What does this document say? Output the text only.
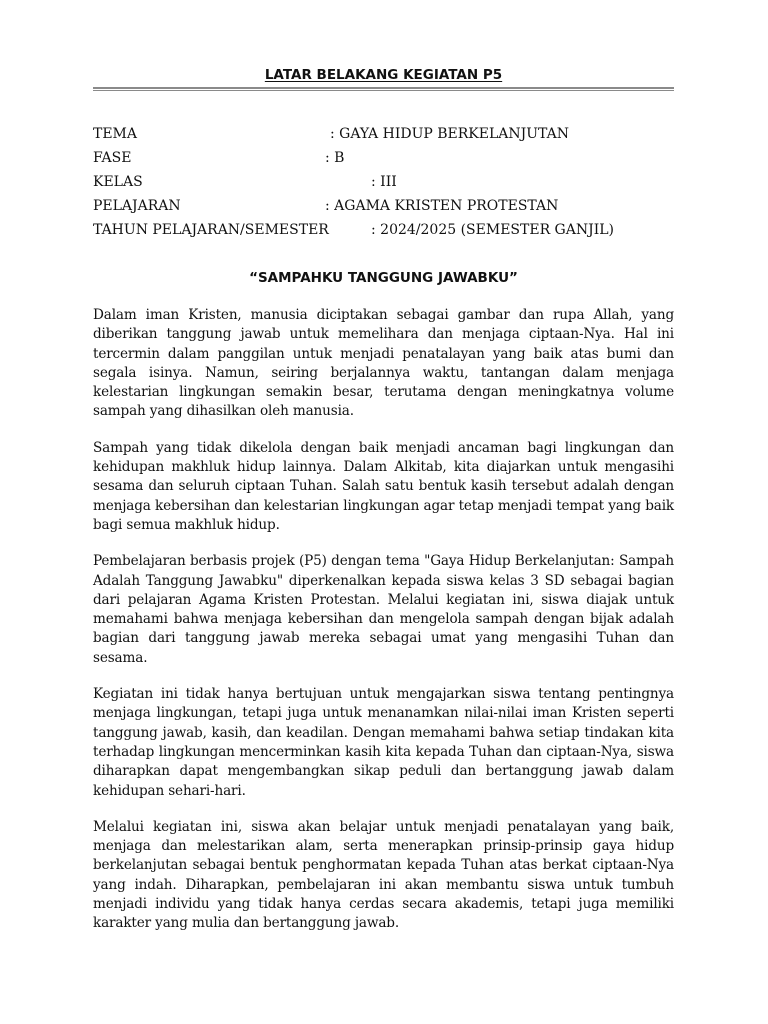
LATAR BELAKANG KEGIATAN P5
TEMA	: GAYA HIDUP BERKELANJUTAN
FASE	: B
KELAS	: III
PELAJARAN	: AGAMA KRISTEN PROTESTAN
TAHUN PELAJARAN/SEMESTER	: 2024/2025 (SEMESTER GANJIL)
“SAMPAHKU TANGGUNG JAWABKU”

Dalam iman Kristen, manusia diciptakan sebagai gambar dan rupa Allah, yang diberikan tanggung jawab untuk memelihara dan menjaga ciptaan-Nya. Hal ini tercermin dalam panggilan untuk menjadi penatalayan yang baik atas bumi dan segala isinya. Namun, seiring berjalannya waktu, tantangan dalam menjaga kelestarian lingkungan semakin besar, terutama dengan meningkatnya volume sampah yang dihasilkan oleh manusia.

Sampah yang tidak dikelola dengan baik menjadi ancaman bagi lingkungan dan kehidupan makhluk hidup lainnya. Dalam Alkitab, kita diajarkan untuk mengasihi sesama dan seluruh ciptaan Tuhan. Salah satu bentuk kasih tersebut adalah dengan menjaga kebersihan dan kelestarian lingkungan agar tetap menjadi tempat yang baik bagi semua makhluk hidup.

Pembelajaran berbasis projek (P5) dengan tema "Gaya Hidup Berkelanjutan: Sampah Adalah Tanggung Jawabku" diperkenalkan kepada siswa kelas 3 SD sebagai bagian dari pelajaran Agama Kristen Protestan. Melalui kegiatan ini, siswa diajak untuk memahami bahwa menjaga kebersihan dan mengelola sampah dengan bijak adalah bagian dari tanggung jawab mereka sebagai umat yang mengasihi Tuhan dan sesama.

Kegiatan ini tidak hanya bertujuan untuk mengajarkan siswa tentang pentingnya menjaga lingkungan, tetapi juga untuk menanamkan nilai-nilai iman Kristen seperti tanggung jawab, kasih, dan keadilan. Dengan memahami bahwa setiap tindakan kita terhadap lingkungan mencerminkan kasih kita kepada Tuhan dan ciptaan-Nya, siswa diharapkan dapat mengembangkan sikap peduli dan bertanggung jawab dalam kehidupan sehari-hari.

Melalui kegiatan ini, siswa akan belajar untuk menjadi penatalayan yang baik, menjaga dan melestarikan alam, serta menerapkan prinsip-prinsip gaya hidup berkelanjutan sebagai bentuk penghormatan kepada Tuhan atas berkat ciptaan-Nya yang indah. Diharapkan, pembelajaran ini akan membantu siswa untuk tumbuh menjadi individu yang tidak hanya cerdas secara akademis, tetapi juga memiliki karakter yang mulia dan bertanggung jawab.
